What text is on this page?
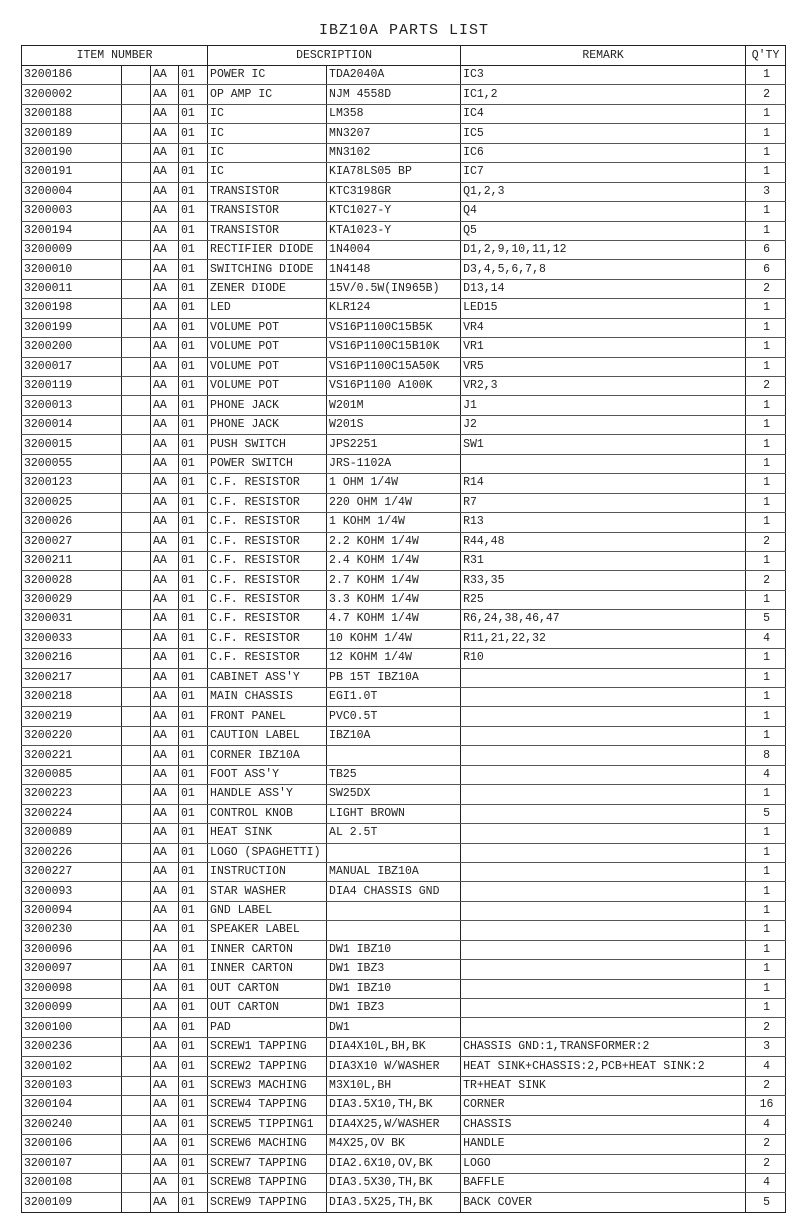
IBZ10A PARTS LIST
ITEM NUMBER				DESCRIPTION		REMARK	Q'TY
3200186		AA	01	POWER IC	TDA2040A	IC3	1
3200002		AA	01	OP AMP IC	NJM 4558D	IC1,2	2
3200188		AA	01	IC	LM358	IC4	1
3200189		AA	01	IC	MN3207	IC5	1
3200190		AA	01	IC	MN3102	IC6	1
3200191		AA	01	IC	KIA78LS05 BP	IC7	1
3200004		AA	01	TRANSISTOR	KTC3198GR	Q1,2,3	3
3200003		AA	01	TRANSISTOR	KTC1027-Y	Q4	1
3200194		AA	01	TRANSISTOR	KTA1023-Y	Q5	1
3200009		AA	01	RECTIFIER DIODE	1N4004	D1,2,9,10,11,12	6
3200010		AA	01	SWITCHING DIODE	1N4148	D3,4,5,6,7,8	6
3200011		AA	01	ZENER DIODE	15V/0.5W(IN965B)	D13,14	2
3200198		AA	01	LED	KLR124	LED15	1
3200199		AA	01	VOLUME POT	VS16P1100C15B5K	VR4	1
3200200		AA	01	VOLUME POT	VS16P1100C15B10K	VR1	1
3200017		AA	01	VOLUME POT	VS16P1100C15A50K	VR5	1
3200119		AA	01	VOLUME POT	VS16P1100 A100K	VR2,3	2
3200013		AA	01	PHONE JACK	W201M	J1	1
3200014		AA	01	PHONE JACK	W201S	J2	1
3200015		AA	01	PUSH SWITCH	JPS2251	SW1	1
3200055		AA	01	POWER SWITCH	JRS-1102A		1
3200123		AA	01	C.F. RESISTOR	1 OHM 1/4W	R14	1
3200025		AA	01	C.F. RESISTOR	220 OHM 1/4W	R7	1
3200026		AA	01	C.F. RESISTOR	1 KOHM 1/4W	R13	1
3200027		AA	01	C.F. RESISTOR	2.2 KOHM 1/4W	R44,48	2
3200211		AA	01	C.F. RESISTOR	2.4 KOHM 1/4W	R31	1
3200028		AA	01	C.F. RESISTOR	2.7 KOHM 1/4W	R33,35	2
3200029		AA	01	C.F. RESISTOR	3.3 KOHM 1/4W	R25	1
3200031		AA	01	C.F. RESISTOR	4.7 KOHM 1/4W	R6,24,38,46,47	5
3200033		AA	01	C.F. RESISTOR	10 KOHM 1/4W	R11,21,22,32	4
3200216		AA	01	C.F. RESISTOR	12 KOHM 1/4W	R10	1
3200217		AA	01	CABINET ASS'Y	PB 15T IBZ10A		1
3200218		AA	01	MAIN CHASSIS	EGI1.0T		1
3200219		AA	01	FRONT PANEL	PVC0.5T		1
3200220		AA	01	CAUTION LABEL	IBZ10A		1
3200221		AA	01	CORNER IBZ10A			8
3200085		AA	01	FOOT ASS'Y	TB25		4
3200223		AA	01	HANDLE ASS'Y	SW25DX		1
3200224		AA	01	CONTROL KNOB	LIGHT BROWN		5
3200089		AA	01	HEAT SINK	AL 2.5T		1
3200226		AA	01	LOGO (SPAGHETTI)			1
3200227		AA	01	INSTRUCTION	MANUAL IBZ10A		1
3200093		AA	01	STAR WASHER	DIA4 CHASSIS GND		1
3200094		AA	01	GND LABEL			1
3200230		AA	01	SPEAKER LABEL			1
3200096		AA	01	INNER CARTON	DW1 IBZ10		1
3200097		AA	01	INNER CARTON	DW1 IBZ3		1
3200098		AA	01	OUT CARTON	DW1 IBZ10		1
3200099		AA	01	OUT CARTON	DW1 IBZ3		1
3200100		AA	01	PAD	DW1		2
3200236		AA	01	SCREW1 TAPPING	DIA4X10L,BH,BK	CHASSIS GND:1,TRANSFORMER:2	3
3200102		AA	01	SCREW2 TAPPING	DIA3X10 W/WASHER	HEAT SINK+CHASSIS:2,PCB+HEAT SINK:2	4
3200103		AA	01	SCREW3 MACHING	M3X10L,BH	TR+HEAT SINK	2
3200104		AA	01	SCREW4 TAPPING	DIA3.5X10,TH,BK	CORNER	16
3200240		AA	01	SCREW5 TIPPING1	DIA4X25,W/WASHER	CHASSIS	4
3200106		AA	01	SCREW6 MACHING	M4X25,OV BK	HANDLE	2
3200107		AA	01	SCREW7 TAPPING	DIA2.6X10,OV,BK	LOGO	2
3200108		AA	01	SCREW8 TAPPING	DIA3.5X30,TH,BK	BAFFLE	4
3200109		AA	01	SCREW9 TAPPING	DIA3.5X25,TH,BK	BACK COVER	5
